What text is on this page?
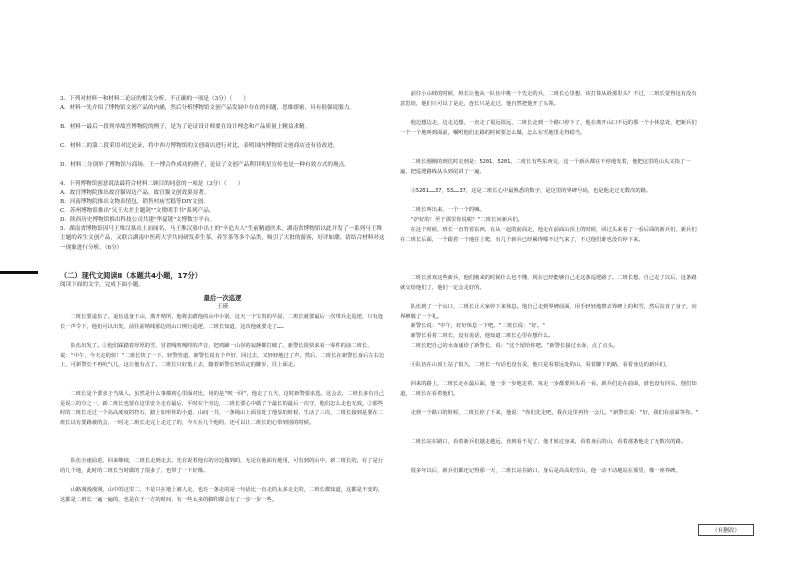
3．下列对材料一和材料二论证的相关分析，不正确的一项是（3分）（　　）
A．材料一先介绍了博物馆文创产品的内涵，然后分析博物馆文创产品发展中存在的问题，思维缜密，具有很强说服力。
B．材料一最后一段列举故宫博物院的例子，是为了论证设计师要在设计理念和产品质量上精益求精。
C．材料二的第二段采用对比论证，将中西方博物馆的文创商店进行对比，表明国内博物馆文创商店还有待改进。
D．材料二分别举了博物馆与商场、王一博合作成功的例子，论证了文创产品利用明星宣传也是一种有效方式的观点。
4．下列博物馆创意说法最符合材料二顾目的同意的一项是（3分）（　　）
A．故宫博物院推出故宫猫周边产品，故宫猫文创效果显著。
B．河南博物院推出文物表情包，销售村庙雪糕等DIY文创。
C．苏州博物馆推出"吴王夫差主题剑""文徵明手书"系列产品。
D．陕西历史博物馆推出科技公司共建"华夏链"文博数字平台。
5．湖南省博物馆因马王堆汉墓出土而闻名，马王堆汉墓中出土的"辛追夫人"生前精通医术，湖南省博物馆以此开发了一系列马王堆主题的养生文创产品，又联合湖南中医药大学共同研发养生茶，养生茶等多个品类，吸引了大批的游客，好评如潮。请结合材料对这一现象进行分析。（6分）
（二）现代文阅读Ⅱ（本题共4小题，17分）
阅读下面的文字，完成下面小题。
最后一次巡逻
王瑛
　　二班长要退伍了。退伍退身下山，离开哨所，他将去踏他的山中小别，这天一个宝贵的早晨，二班长就要最后一次带兵走巡逻，只有连长一声令下，他们可以出发，前往前哨线那边的山口例行巡逻，二班长知道，这次他就要走了……
　　队伍出发了。①他们踩踏着厚厚的雪，冒着嘎吱嘎吱的声音，把鸡蹄一山谷的寂静都打破了。新警长很快来看一零件的前二班长，说："中午，今天走的快！"二班长快了一下，轻警答道，新警长说有个声好，回过去，又轻轻地过了声。然后，二班长在新警长身后左右边上，可新警长不再吭气儿，这让他有点了。二班长只好低上去，随着新警长轻站定的脚步，往上面走。
　　二班长是个要求于当战人。虽然是什么事都初心里面对比，用的是"唉一回"，他走了五天，这时新警要求选。这会去，二班长多有自己是说三的分之一，新二班长也要在这里安全走在最后，平时在个旁边，二班长要心中做了个最长的最后一次守，他们怎么走也无效。②那些时的二班长走过一个高高度度的符石，踏上如形你的小道，山间一共，一条绳山上面显处了他显的时候，生活了三次，二班长接到是要在二班长以有要路被的会，一时走二班长走完上走过了的，今天在几个他的，还可以让二班长的心带到别的时候。
　　队伍全速前进，回来继续，二班长走到走去，先在说着他有的旁边做到的，无论在他面有地用，可有到的山中，新二班长的，有了是行的几个地，此时的二班长当时做的了很多了，也带了一下好像。
　　山路漫漫漫漫，山中的这里二，不是只在地上被人走，也有一条走的是一句话比一直走的太多走走的，二班长都知道，这都是不变的，这都是二班长一遍一遍的，也是在于一方的时间，有一些太多的脚印都会有了一步一步一些。
　　前往小山坡的时候，班长让他从一队伍中挑一个先走的兵，二班长心里想，该打算从谁那里头？不过，二班长觉得这有没有意思给，他们只可以了是走，连长只是走过，他自然把他开了头领。
　　他边想边走，边走边想，一直走了很远很远，二班长走到一个路口停下了，他在离开山口不远的那一个小休息处，把新兵们一个一个地叫到面前，嘱咐他们走路的时候要怎么做，怎么在雪地里走得稳当。
　　二班长刚刚的到达时走到是：5201、5201。二班长有些东西交，这一个新兵都在不停地发着，他把这里的山头又指了一遍，把巡逻路线从头到尾讲了一遍。
　　③5201……37，53……37，这是二班长心中最熟悉的数字，是这里的界碑号码，也是他走过无数次的路。
　　二班长叫出来，一个一个的喊。
　　"护好的！至于那里你说呢？"二班长问新兵们。
　　在这个时候，班长一直背着东西，在从一起的前面走，他走在前面山顶上的时候，回过头来看了一看后面的新兵们，新兵们在二班长后面，一个跟着一个地往上爬，有几个新兵已经累得喘不过气来了，不过他们谁也没有停下来。
　　二班长喜欢这些新兵，他们刚来的时候什么也不懂，现在已经能够自己走这条巡逻路了。二班长想，自己走了以后，这条路就交给他们了，他们一定会走好的。
　　队伍到了一个山口，二班长让大家停下来休息。他自己走到界碑前面，用手轻轻地擦去界碑上的积雪，然后站直了身子，向界碑敬了一个礼。
　　新警长说："中午，好好休息一下吧。"二班长说："好。"
　　新警长看着二班长，没有说话，他知道二班长心里在想什么。
　　二班长把自己的水壶递给了新警长，说："这个留给你吧。"新警长接过水壶，点了点头。
　　④队伍在山顶上站了很久，二班长一句话也没有说，他只是看着远处的山，看着脚下的路，看着身边的新兵们。
　　回来的路上，二班长走在最后面，他一步一步地走着，每走一步都要回头看一看。新兵们走在前面，谁也没有回头，他们知道，二班长在看着他们。
　　走到一个路口的时候，二班长停了下来，他说："你们先走吧，我在这里再待一会儿。"新警长说："好，我们在前面等你。"
　　二班长站在路口，看着新兵们越走越远，直到看不见了，他才转过身来，看着身后的山，看着那条他走了无数次的路。
　　很多年以后，新兵们都还记得那一天，二班长站在路口，身后是高高的雪山，他一动不动地站在那里，像一座界碑。
（有删改）
